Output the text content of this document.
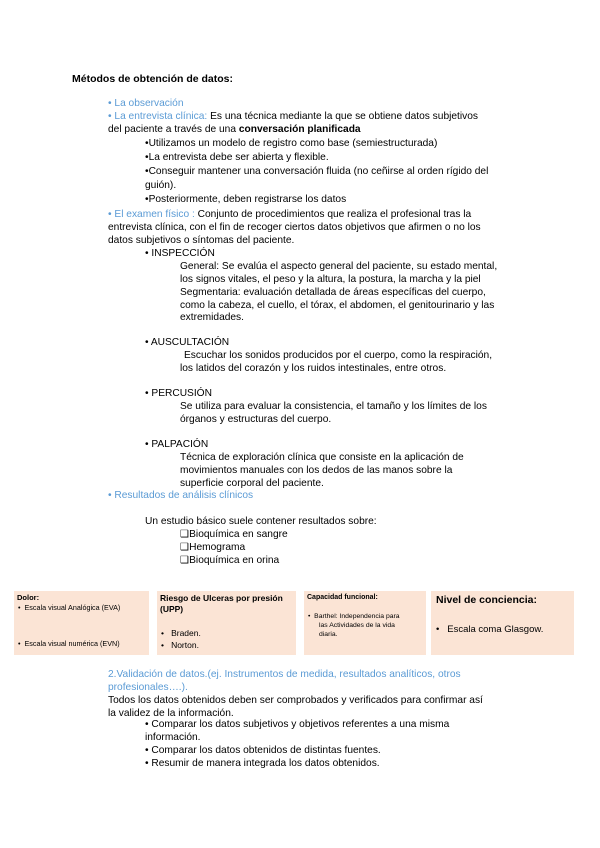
Métodos de obtención de datos:
• La observación
• La entrevista clínica: Es una técnica mediante la que se obtiene datos subjetivos
del paciente a través de una conversación planificada
•Utilizamos un modelo de registro como base (semiestructurada)
•La entrevista debe ser abierta y flexible.
•Conseguir mantener una conversación fluida (no ceñirse al orden rígido del
guión).
•Posteriormente, deben registrarse los datos
• El examen físico : Conjunto de procedimientos que realiza el profesional tras la
entrevista clínica, con el fin de recoger ciertos datos objetivos que afirmen o no los
datos subjetivos o síntomas del paciente.
• INSPECCIÓN
General: Se evalúa el aspecto general del paciente, su estado mental,
los signos vitales, el peso y la altura, la postura, la marcha y la piel
Segmentaria: evaluación detallada de áreas específicas del cuerpo,
como la cabeza, el cuello, el tórax, el abdomen, el genitourinario y las
extremidades.
• AUSCULTACIÓN
Escuchar los sonidos producidos por el cuerpo, como la respiración,
los latidos del corazón y los ruidos intestinales, entre otros.
• PERCUSIÓN
Se utiliza para evaluar la consistencia, el tamaño y los límites de los
órganos y estructuras del cuerpo.
• PALPACIÓN
Técnica de exploración clínica que consiste en la aplicación de
movimientos manuales con los dedos de las manos sobre la
superficie corporal del paciente.
• Resultados de análisis clínicos
Un estudio básico suele contener resultados sobre:
❑Bioquímica en sangre
❑Hemograma
❑Bioquímica en orina
Dolor:
•  Escala visual Analógica (EVA)
•  Escala visual numérica (EVN)
Riesgo de Ulceras por presión
(UPP)
•   Braden.
•   Norton.
Capacidad funcional:
•  Barthel: Independencia para
las Actividades de la vida
diaria.
Nivel de conciencia:
•   Escala coma Glasgow.
2.Validación de datos.(ej. Instrumentos de medida, resultados analíticos, otros
profesionales….).
Todos los datos obtenidos deben ser comprobados y verificados para confirmar así
la validez de la información.
• Comparar los datos subjetivos y objetivos referentes a una misma
información.
• Comparar los datos obtenidos de distintas fuentes.
• Resumir de manera integrada los datos obtenidos.
